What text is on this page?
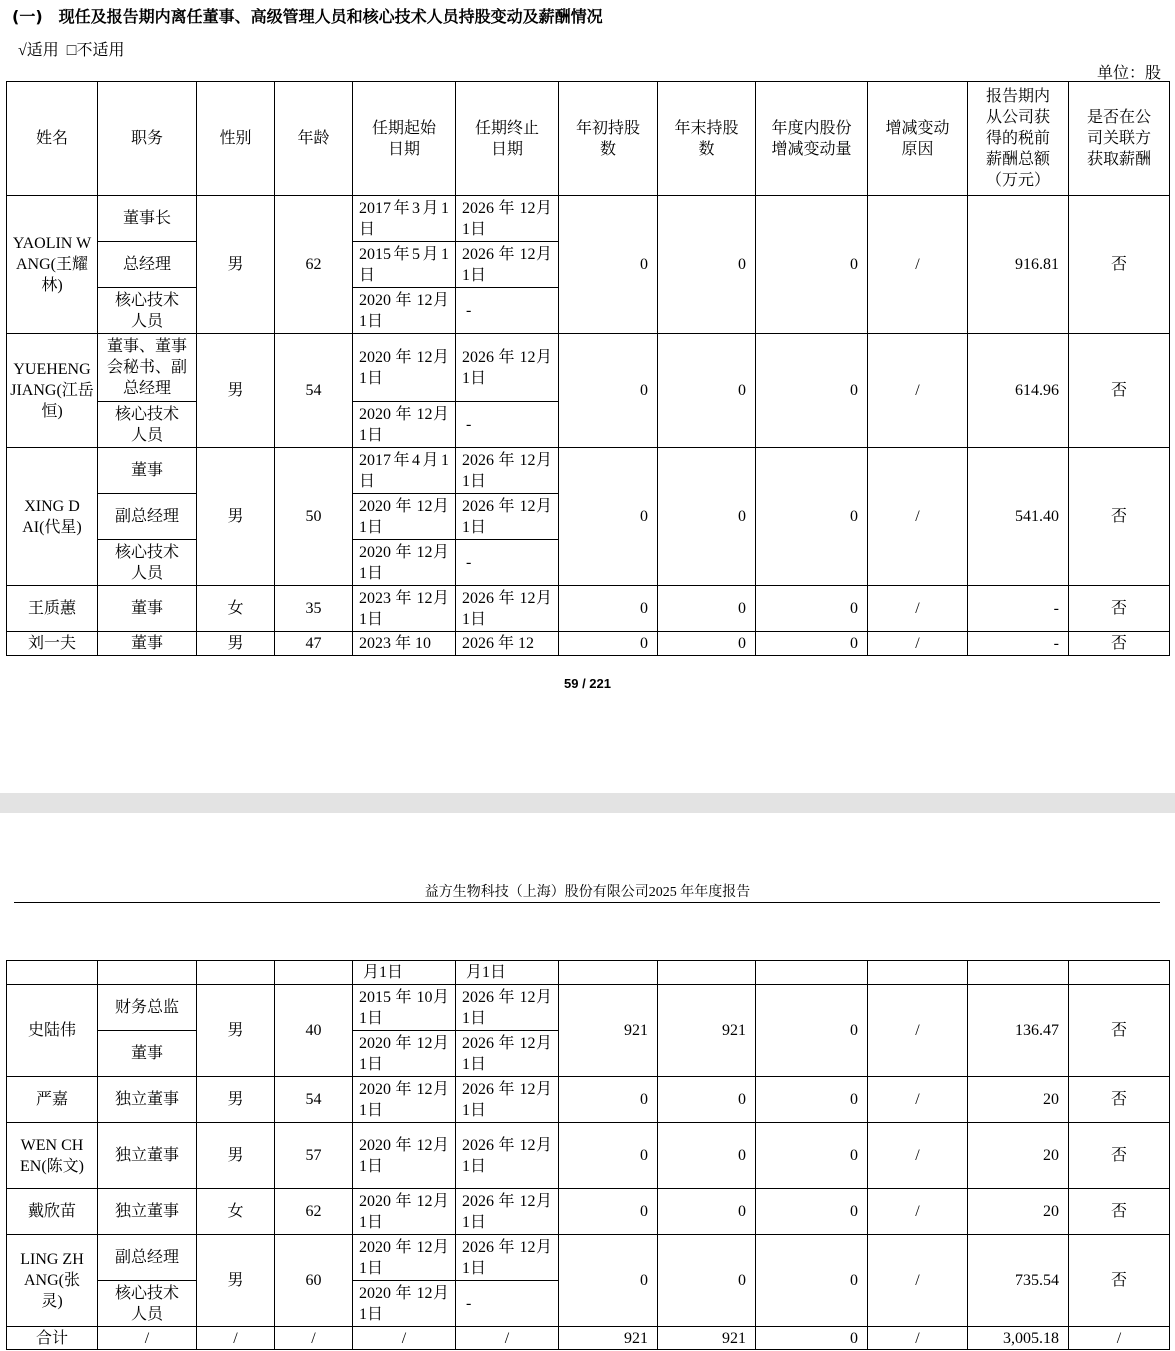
(一)　现任及报告期内离任董事、高级管理人员和核心技术人员持股变动及薪酬情况
√适用 □不适用
单位：股
姓名	职务	性别	年龄	任期起始日期	任期终止日期	年初持股数	年末持股数	年度内股份增减变动量	增减变动原因	报告期内从公司获得的税前薪酬总额（万元）	是否在公司关联方获取薪酬
YAOLIN WANG(王耀林)	董事长	男	62	2017年3月1日	2026 年 12月1日	0	0	0	/	916.81	否
	总经理			2015年5月1日	2026 年 12月1日						
	核心技术人员			2020 年 12月1日	-						
YUEHENG JIANG(江岳恒)	董事、董事会秘书、副总经理	男	54	2020 年 12月1日	2026 年 12月1日	0	0	0	/	614.96	否
	核心技术人员			2020 年 12月1日	-						
XING DAI(代星)	董事	男	50	2017年4月1日	2026 年 12月1日	0	0	0	/	541.40	否
	副总经理			2020 年 12月1日	2026 年 12月1日						
	核心技术人员			2020 年 12月1日	-						
王质蕙	董事	女	35	2023 年 12月1日	2026 年 12月1日	0	0	0	/	-	否
刘一夫	董事	男	47	2023 年 10	2026 年 12	0	0	0	/	-	否
59 / 221
益方生物科技（上海）股份有限公司2025 年年度报告
				月1日	月1日						
史陆伟	财务总监	男	40	2015 年 10月1日	2026 年 12月1日	921	921	0	/	136.47	否
	董事			2020 年 12月1日	2026 年 12月1日						
严嘉	独立董事	男	54	2020 年 12月1日	2026 年 12月1日	0	0	0	/	20	否
WEN CHEN(陈文)	独立董事	男	57	2020 年 12月1日	2026 年 12月1日	0	0	0	/	20	否
戴欣苗	独立董事	女	62	2020 年 12月1日	2026 年 12月1日	0	0	0	/	20	否
LING ZHANG(张灵)	副总经理	男	60	2020 年 12月1日	2026 年 12月1日	0	0	0	/	735.54	否
	核心技术人员			2020 年 12月1日	-						
合计	/	/	/	/	/	921	921	0	/	3,005.18	/
